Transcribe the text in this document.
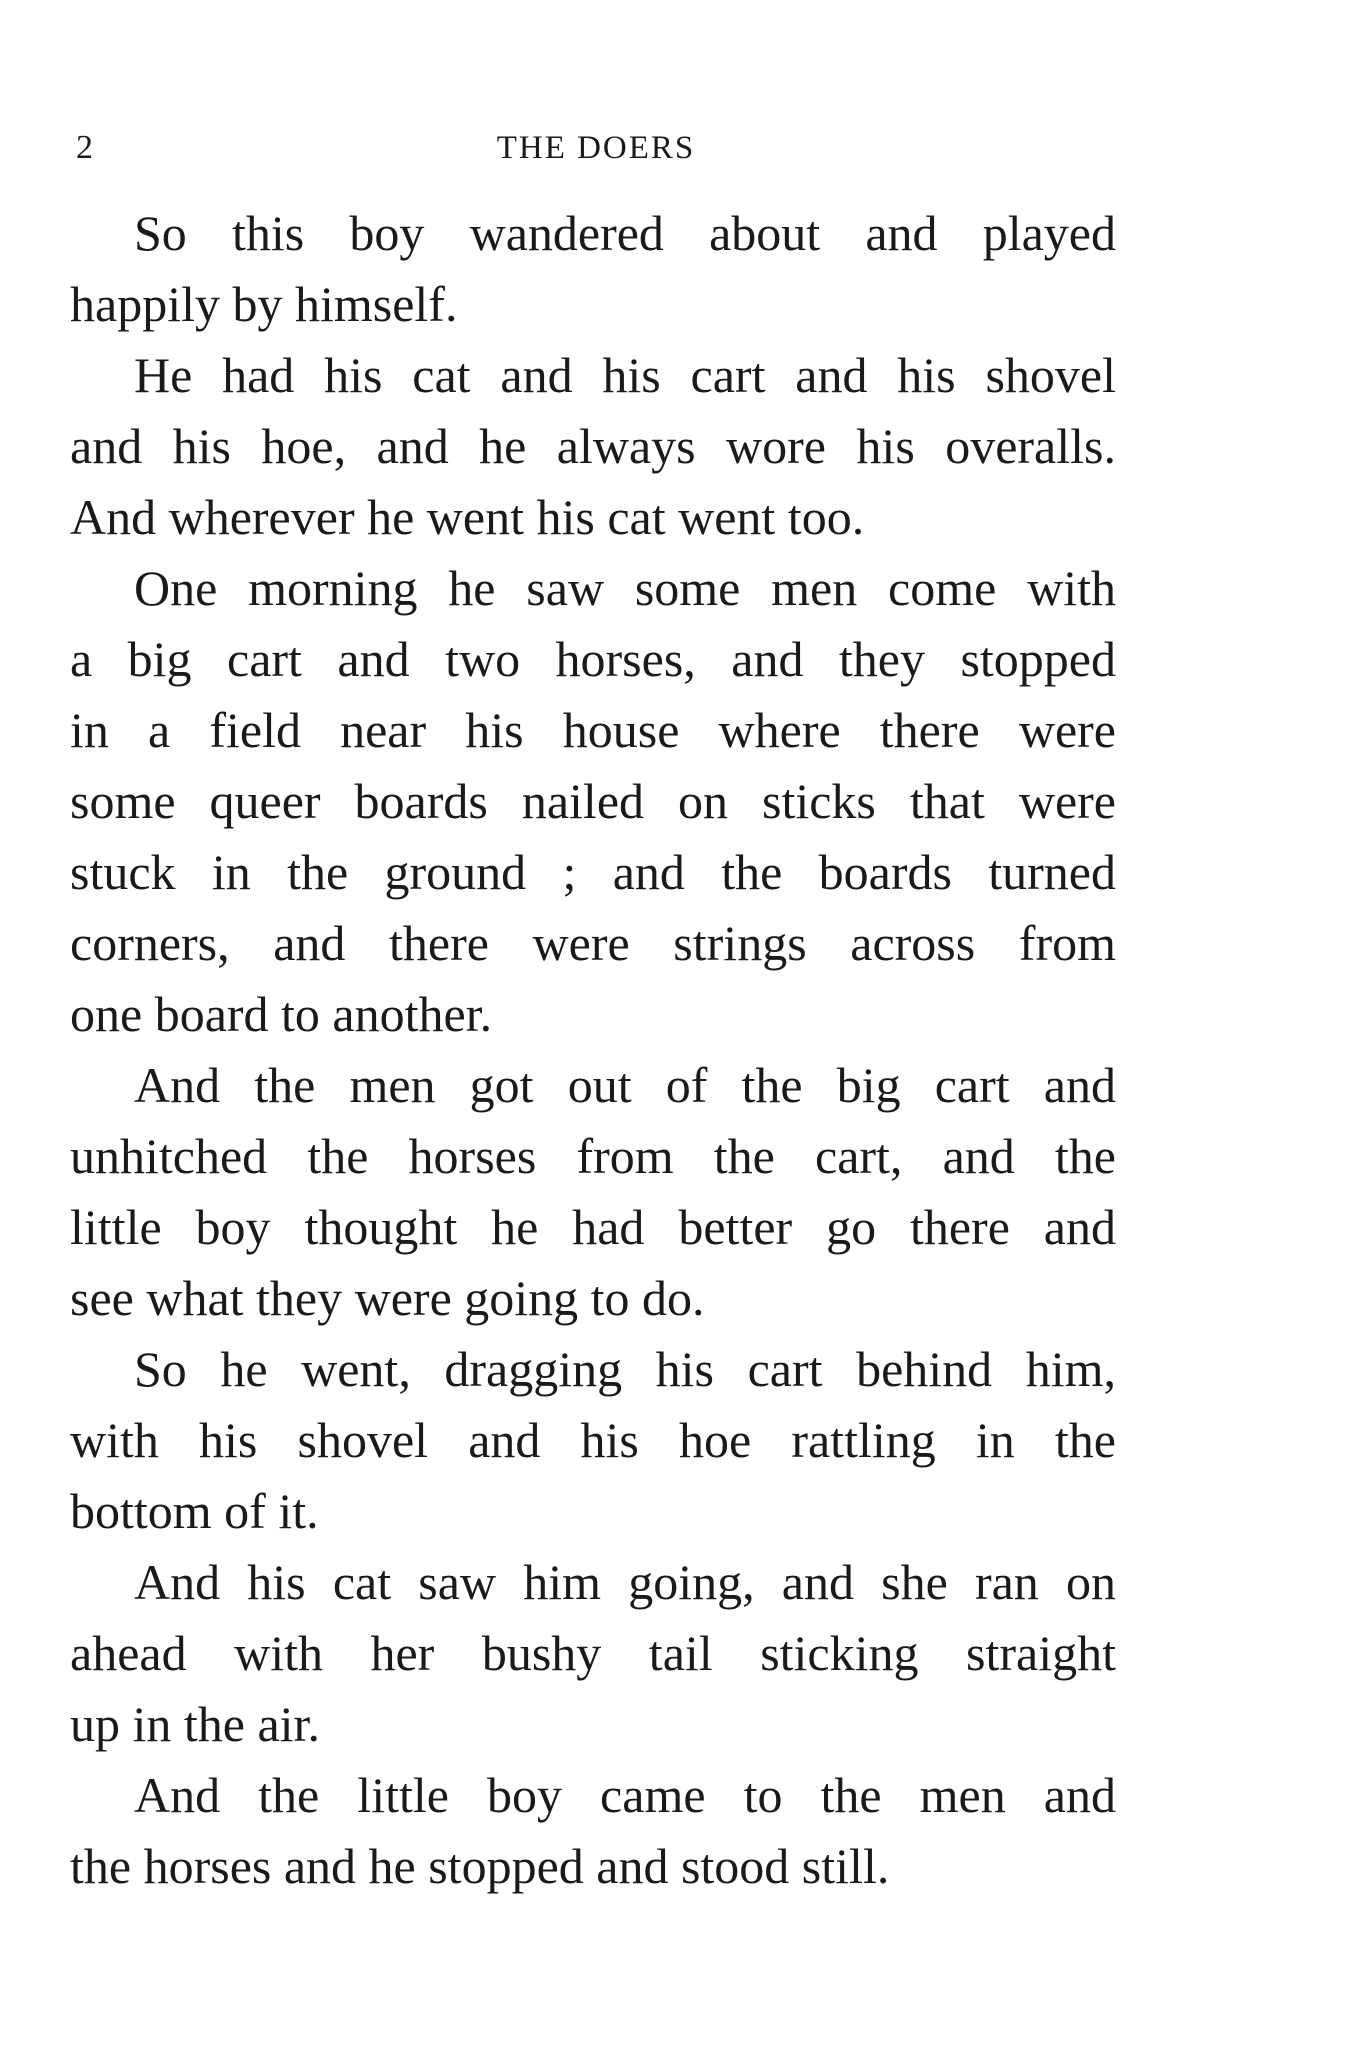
2	THE DOERS
So this boy wandered about and played
happily by himself.
He had his cat and his cart and his shovel
and his hoe, and he always wore his overalls.
And wherever he went his cat went too.
One morning he saw some men come with
a big cart and two horses, and they stopped
in a field near his house where there were
some queer boards nailed on sticks that were
stuck in the ground ; and the boards turned
corners, and there were strings across from
one board to another.
And the men got out of the big cart and
unhitched the horses from the cart, and the
little boy thought he had better go there and
see what they were going to do.
So he went, dragging his cart behind him,
with his shovel and his hoe rattling in the
bottom of it.
And his cat saw him going, and she ran on
ahead with her bushy tail sticking straight
up in the air.
And the little boy came to the men and
the horses and he stopped and stood still.
